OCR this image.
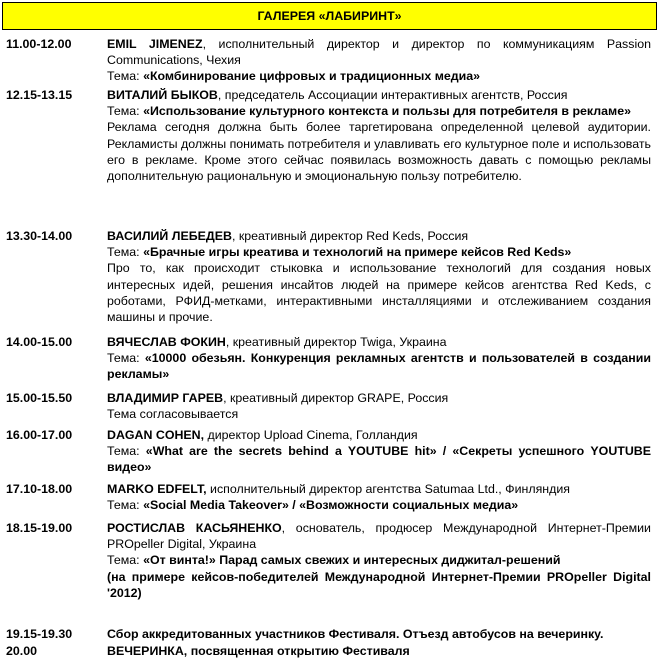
ГАЛЕРЕЯ «ЛАБИРИНТ»
11.00-12.00	EMIL JIMENEZ, исполнительный директор и директор по коммуникациям Passion Communications, Чехия

Тема: «Комбинирование цифровых и традиционных медиа»

12.15-13.15	ВИТАЛИЙ БЫКОВ, председатель Ассоциации интерактивных агентств, Россия

Тема: «Использование культурного контекста и пользы для потребителя в рекламе»

Реклама сегодня должна быть более таргетирована определенной целевой аудитории. Рекламисты должны понимать потребителя и улавливать его культурное поле и использовать его в рекламе. Кроме этого сейчас появилась возможность давать с помощью рекламы дополнительную рациональную и эмоциональную пользу потребителю.

13.30-14.00	ВАСИЛИЙ ЛЕБЕДЕВ, креативный директор Red Keds, Россия

Тема: «Брачные игры креатива и технологий на примере кейсов Red Keds»

Про то, как происходит стыковка и использование технологий для создания новых интересных идей, решения инсайтов людей на примере кейсов агентства Red Keds, с роботами, РФИД-метками, интерактивными инсталляциями и отслеживанием создания машины и прочие.

14.00-15.00	ВЯЧЕСЛАВ ФОКИН, креативный директор Twiga, Украина

Тема: «10000 обезьян. Конкуренция рекламных агентств и пользователей в создании рекламы»

15.00-15.50	ВЛАДИМИР ГАРЕВ, креативный директор GRAPE, Россия

Тема согласовывается

16.00-17.00	DAGAN COHEN, директор Upload Cinema, Голландия

Тема: «What are the secrets behind a YOUTUBE hit» / «Секреты успешного YOUTUBE видео»

17.10-18.00	MARKO EDFELT, исполнительный директор агентства Satumaa Ltd., Финляндия

Тема: «Social Media Takeover» / «Возможности социальных медиа»

18.15-19.00	РОСТИСЛАВ КАСЬЯНЕНКО, основатель, продюсер Международной Интернет-Премии PROpeller Digital, Украина

Тема: «От винта!» Парад самых свежих и интересных диджитал-решений

(на примере кейсов-победителей Международной Интернет-Премии PROpeller Digital '2012)

19.15-19.30	Сбор аккредитованных участников Фестиваля. Отъезд автобусов на вечеринку.

20.00	ВЕЧЕРИНКА, посвященная открытию Фестиваля
